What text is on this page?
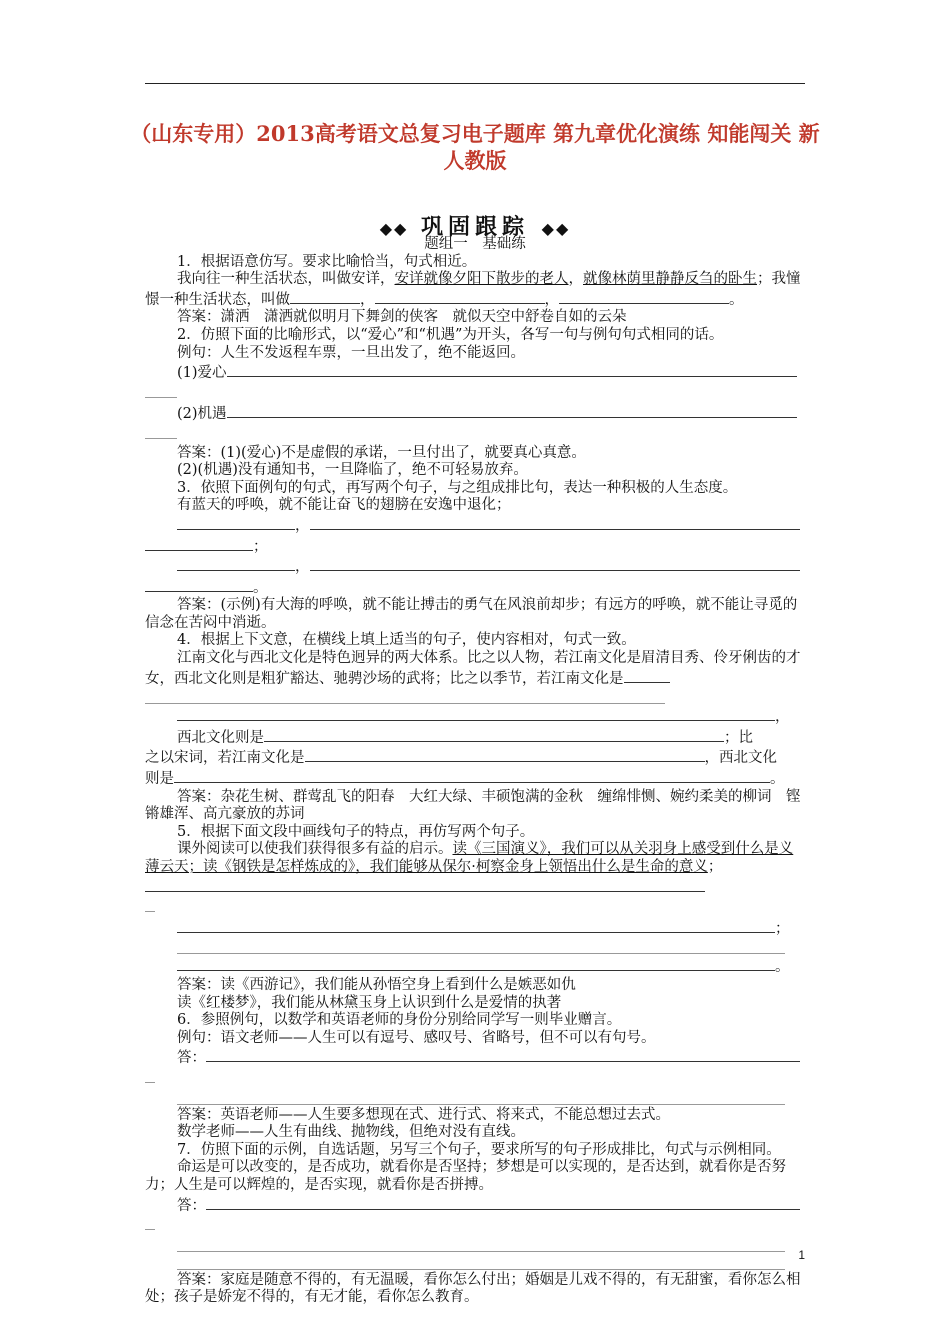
（山东专用）2013高考语文总复习电子题库 第九章优化演练 知能闯关 新人教版
◆◆ 巩固跟踪 ◆◆

题组一　基础练

1．根据语意仿写。要求比喻恰当，句式相近。

我向往一种生活状态，叫做安详，安详就像夕阳下散步的老人，就像林荫里静静反刍的卧生；我憧憬一种生活状态，叫做	，	，	。

答案：潇洒　潇洒就似明月下舞剑的侠客　就似天空中舒卷自如的云朵

2．仿照下面的比喻形式，以“爱心”和“机遇”为开头，各写一句与例句句式相同的话。

例句：人生不发返程车票，一旦出发了，绝不能返回。

(1)爱心

(2)机遇

答案：(1)(爱心)不是虚假的承诺，一旦付出了，就要真心真意。

(2)(机遇)没有通知书，一旦降临了，绝不可轻易放弃。

3．依照下面例句的句式，再写两个句子，与之组成排比句，表达一种积极的人生态度。

有蓝天的呼唤，就不能让奋飞的翅膀在安逸中退化；

，

；

，

。

答案：(示例)有大海的呼唤，就不能让搏击的勇气在风浪前却步；有远方的呼唤，就不能让寻觅的信念在苦闷中消逝。

4．根据上下文意，在横线上填上适当的句子，使内容相对，句式一致。

江南文化与西北文化是特色迥异的两大体系。比之以人物，若江南文化是眉清目秀、伶牙俐齿的才女，西北文化则是粗犷豁达、驰骋沙场的武将；比之以季节，若江南文化是

，

西北文化则是	；比

之以宋词，若江南文化是	，西北文化

则是	。

答案：杂花生树、群莺乱飞的阳春　大红大绿、丰硕饱满的金秋　缠绵悱恻、婉约柔美的柳词　铿锵雄浑、高亢豪放的苏词

5．根据下面文段中画线句子的特点，再仿写两个句子。

课外阅读可以使我们获得很多有益的启示。读《三国演义》，我们可以从关羽身上感受到什么是义薄云天；读《钢铁是怎样炼成的》，我们能够从保尔·柯察金身上领悟出什么是生命的意义；

；

。

答案：读《西游记》，我们能从孙悟空身上看到什么是嫉恶如仇

读《红楼梦》，我们能从林黛玉身上认识到什么是爱情的执著

6．参照例句，以数学和英语老师的身份分别给同学写一则毕业赠言。

例句：语文老师——人生可以有逗号、感叹号、省略号，但不可以有句号。

答：

答案：英语老师——人生要多想现在式、进行式、将来式，不能总想过去式。

数学老师——人生有曲线、抛物线，但绝对没有直线。

7．仿照下面的示例，自选话题，另写三个句子，要求所写的句子形成排比，句式与示例相同。

命运是可以改变的，是否成功，就看你是否坚持；梦想是可以实现的，是否达到，就看你是否努力；人生是可以辉煌的，是否实现，就看你是否拼搏。

答：

答案：家庭是随意不得的，有无温暖，看你怎么付出；婚姻是儿戏不得的，有无甜蜜，看你怎么相处；孩子是娇宠不得的，有无才能，看你怎么教育。

1
